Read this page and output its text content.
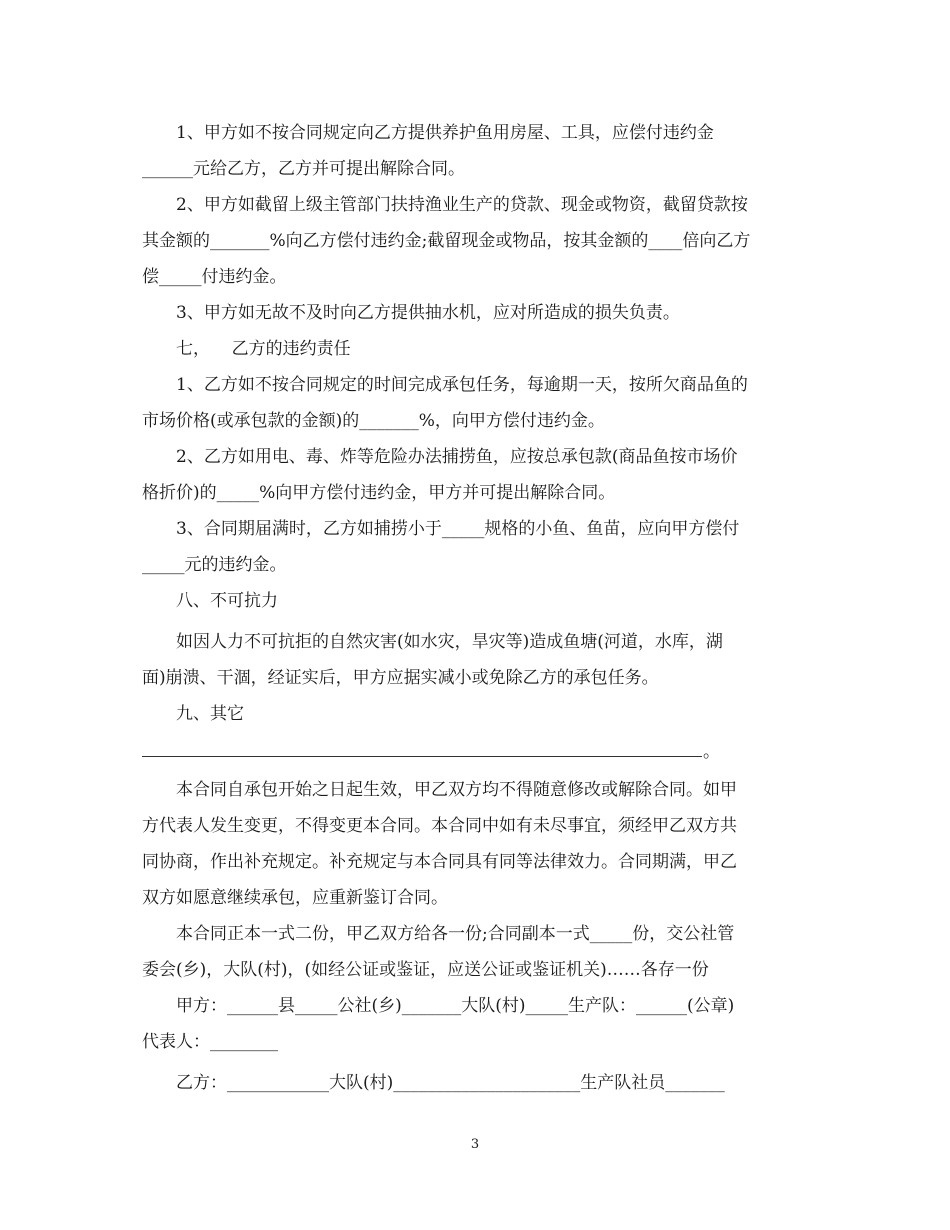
1、甲方如不按合同规定向乙方提供养护鱼用房屋、工具，应偿付违约金
______元给乙方，乙方并可提出解除合同。
2、甲方如截留上级主管部门扶持渔业生产的贷款、现金或物资，截留贷款按
其金额的_______%向乙方偿付违约金;截留现金或物品，按其金额的____倍向乙方
偿_____付违约金。
3、甲方如无故不及时向乙方提供抽水机，应对所造成的损失负责。
七，    乙方的违约责任
1、乙方如不按合同规定的时间完成承包任务，每逾期一天，按所欠商品鱼的
市场价格(或承包款的金额)的_______%，向甲方偿付违约金。
2、乙方如用电、毒、炸等危险办法捕捞鱼，应按总承包款(商品鱼按市场价
格折价)的_____%向甲方偿付违约金，甲方并可提出解除合同。
3、合同期届满时，乙方如捕捞小于_____规格的小鱼、鱼苗，应向甲方偿付
_____元的违约金。
八、不可抗力
如因人力不可抗拒的自然灾害(如水灾，旱灾等)造成鱼塘(河道，水库，湖
面)崩溃、干涸，经证实后，甲方应据实减小或免除乙方的承包任务。
九、其它
。
本合同自承包开始之日起生效，甲乙双方均不得随意修改或解除合同。如甲
方代表人发生变更，不得变更本合同。本合同中如有未尽事宜，须经甲乙双方共
同协商，作出补充规定。补充规定与本合同具有同等法律效力。合同期满，甲乙
双方如愿意继续承包，应重新鉴订合同。
本合同正本一式二份，甲乙双方给各一份;合同副本一式_____份，交公社管
委会(乡)，大队(村)，(如经公证或鉴证，应送公证或鉴证机关)……各存一份
甲方：______县_____公社(乡)_______大队(村)_____生产队：______(公章)
代表人：________
乙方：____________大队(村)______________________生产队社员_______
3
